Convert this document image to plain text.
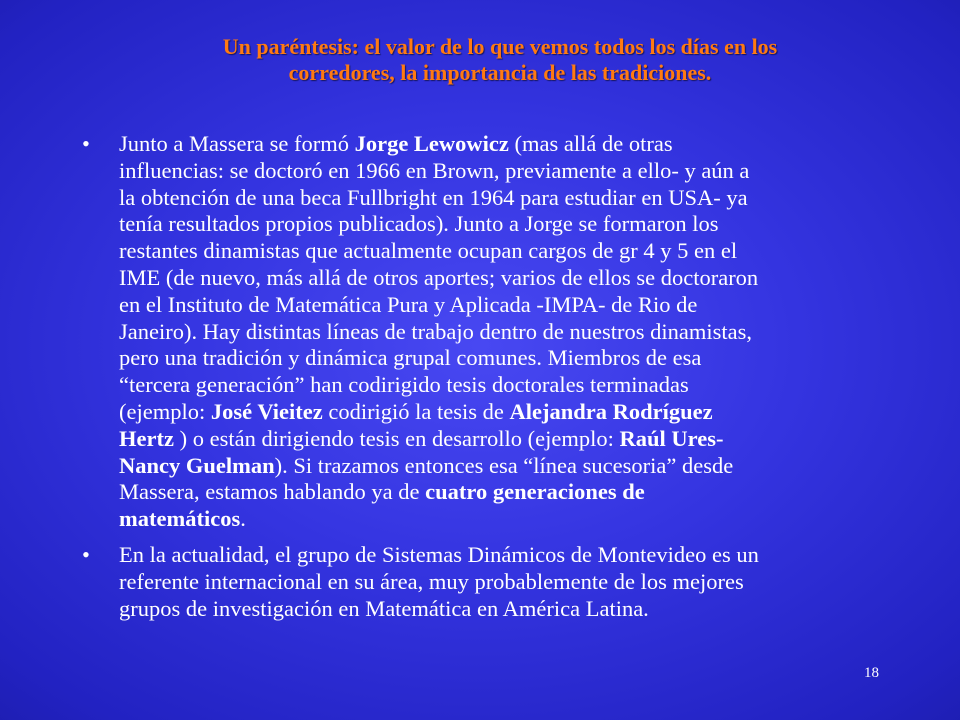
Un paréntesis: el valor de lo que vemos todos los días en los
corredores, la importancia de las tradiciones.
• Junto a Massera se formó Jorge Lewowicz (mas allá de otras
influencias: se doctoró en 1966 en Brown, previamente a ello- y aún a
la obtención de una beca Fullbright en 1964 para estudiar en USA- ya
tenía resultados propios publicados). Junto a Jorge se formaron los
restantes dinamistas que actualmente ocupan cargos de gr 4 y 5 en el
IME (de nuevo, más allá de otros aportes; varios de ellos se doctoraron
en el Instituto de Matemática Pura y Aplicada -IMPA- de Rio de
Janeiro). Hay distintas líneas de trabajo dentro de nuestros dinamistas,
pero una tradición y dinámica grupal comunes. Miembros de esa
“tercera generación” han codirigido tesis doctorales terminadas
(ejemplo: José Vieitez codirigió la tesis de Alejandra Rodríguez
Hertz ) o están dirigiendo tesis en desarrollo (ejemplo: Raúl Ures-
Nancy Guelman). Si trazamos entonces esa “línea sucesoria” desde
Massera, estamos hablando ya de cuatro generaciones de
matemáticos.
• En la actualidad, el grupo de Sistemas Dinámicos de Montevideo es un
referente internacional en su área, muy probablemente de los mejores
grupos de investigación en Matemática en América Latina.
18
